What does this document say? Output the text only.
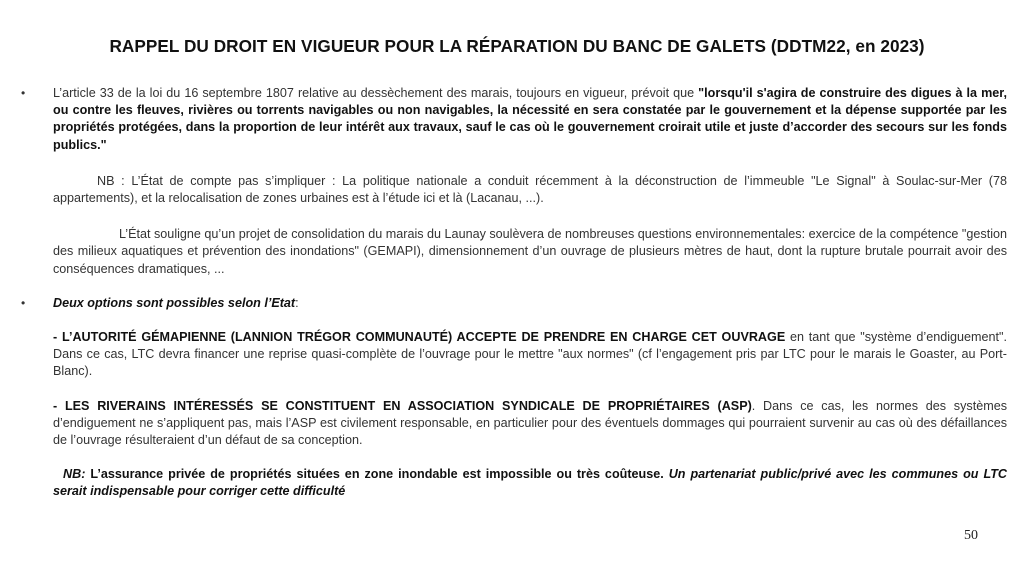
RAPPEL DU DROIT EN VIGUEUR POUR LA RÉPARATION DU BANC DE GALETS (DDTM22, en 2023)
• L’article 33 de la loi du 16 septembre 1807 relative au dessèchement des marais, toujours en vigueur, prévoit que "lorsqu'il s'agira de construire des digues à la mer, ou contre les fleuves, rivières ou torrents navigables ou non navigables, la nécessité en sera constatée par le gouvernement et la dépense supportée par les propriétés protégées, dans la proportion de leur intérêt aux travaux, sauf le cas où le gouvernement croirait utile et juste d’accorder des secours sur les fonds publics."
NB : L’État de compte pas s’impliquer : La politique nationale a conduit récemment à la déconstruction de l’immeuble "Le Signal" à Soulac-sur-Mer (78 appartements), et la relocalisation de zones urbaines est à l’étude ici et là (Lacanau, ...).
L’État souligne qu’un projet de consolidation du marais du Launay soulèvera de nombreuses questions environnementales: exercice de la compétence "gestion des milieux aquatiques et prévention des inondations" (GEMAPI), dimensionnement d’un ouvrage de plusieurs mètres de haut, dont la rupture brutale pourrait avoir des conséquences dramatiques, ...
• Deux options sont possibles selon l’Etat:
- L’AUTORITÉ GÉMAPIENNE (LANNION TRÉGOR COMMUNAUTÉ) ACCEPTE DE PRENDRE EN CHARGE CET OUVRAGE en tant que "système d’endiguement". Dans ce cas, LTC devra financer une reprise quasi-complète de l’ouvrage pour le mettre "aux normes" (cf l’engagement pris par LTC pour le marais le Goaster, au Port- Blanc).
- LES RIVERAINS INTÉRESSÉS SE CONSTITUENT EN ASSOCIATION SYNDICALE DE PROPRIÉTAIRES (ASP). Dans ce cas, les normes des systèmes d’endiguement ne s’appliquent pas, mais l’ASP est civilement responsable, en particulier pour des éventuels dommages qui pourraient survenir au cas où des défaillances de l’ouvrage résulteraient d’un défaut de sa conception.
NB: L’assurance privée de propriétés situées en zone inondable est impossible ou très coûteuse. Un partenariat public/privé avec les communes ou LTC serait indispensable pour corriger cette difficulté
50
